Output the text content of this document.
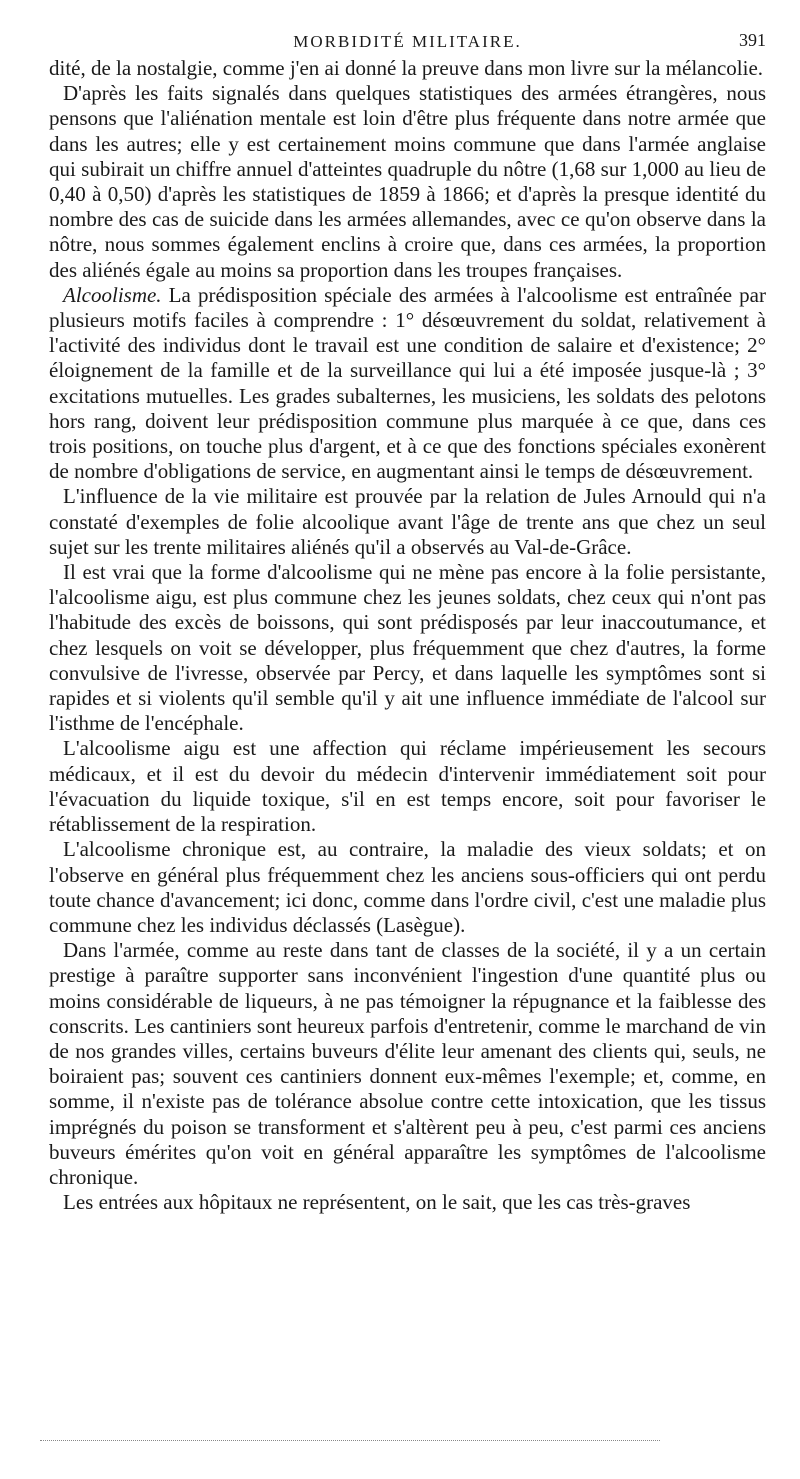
MORBIDITÉ MILITAIRE.	391

dité, de la nostalgie, comme j'en ai donné la preuve dans mon livre sur la mélancolie.

D'après les faits signalés dans quelques statistiques des armées étrangères, nous pensons que l'aliénation mentale est loin d'être plus fréquente dans notre armée que dans les autres; elle y est certainement moins commune que dans l'armée anglaise qui subirait un chiffre annuel d'atteintes quadruple du nôtre (1,68 sur 1,000 au lieu de 0,40 à 0,50) d'après les statistiques de 1859 à 1866; et d'après la presque identité du nombre des cas de suicide dans les armées allemandes, avec ce qu'on observe dans la nôtre, nous sommes également enclins à croire que, dans ces armées, la proportion des aliénés égale au moins sa proportion dans les troupes françaises.

Alcoolisme. La prédisposition spéciale des armées à l'alcoolisme est entraînée par plusieurs motifs faciles à comprendre : 1° désœuvrement du soldat, relativement à l'activité des individus dont le travail est une condition de salaire et d'existence; 2° éloignement de la famille et de la surveillance qui lui a été imposée jusque-là ; 3° excitations mutuelles. Les grades subalternes, les musiciens, les soldats des pelotons hors rang, doivent leur prédisposition commune plus marquée à ce que, dans ces trois positions, on touche plus d'argent, et à ce que des fonctions spéciales exonèrent de nombre d'obligations de service, en augmentant ainsi le temps de désœuvrement.

L'influence de la vie militaire est prouvée par la relation de Jules Arnould qui n'a constaté d'exemples de folie alcoolique avant l'âge de trente ans que chez un seul sujet sur les trente militaires aliénés qu'il a observés au Val-de-Grâce.

Il est vrai que la forme d'alcoolisme qui ne mène pas encore à la folie persistante, l'alcoolisme aigu, est plus commune chez les jeunes soldats, chez ceux qui n'ont pas l'habitude des excès de boissons, qui sont prédisposés par leur inaccoutumance, et chez lesquels on voit se développer, plus fréquemment que chez d'autres, la forme convulsive de l'ivresse, observée par Percy, et dans laquelle les symptômes sont si rapides et si violents qu'il semble qu'il y ait une influence immédiate de l'alcool sur l'isthme de l'encéphale.

L'alcoolisme aigu est une affection qui réclame impérieusement les secours médicaux, et il est du devoir du médecin d'intervenir immédiatement soit pour l'évacuation du liquide toxique, s'il en est temps encore, soit pour favoriser le rétablissement de la respiration.

L'alcoolisme chronique est, au contraire, la maladie des vieux soldats; et on l'observe en général plus fréquemment chez les anciens sous-officiers qui ont perdu toute chance d'avancement; ici donc, comme dans l'ordre civil, c'est une maladie plus commune chez les individus déclassés (Lasègue).

Dans l'armée, comme au reste dans tant de classes de la société, il y a un certain prestige à paraître supporter sans inconvénient l'ingestion d'une quantité plus ou moins considérable de liqueurs, à ne pas témoigner la répugnance et la faiblesse des conscrits. Les cantiniers sont heureux parfois d'entretenir, comme le marchand de vin de nos grandes villes, certains buveurs d'élite leur amenant des clients qui, seuls, ne boiraient pas; souvent ces cantiniers donnent eux-mêmes l'exemple; et, comme, en somme, il n'existe pas de tolérance absolue contre cette intoxication, que les tissus imprégnés du poison se transforment et s'altèrent peu à peu, c'est parmi ces anciens buveurs émérites qu'on voit en général apparaître les symptômes de l'alcoolisme chronique.

Les entrées aux hôpitaux ne représentent, on le sait, que les cas très-graves
